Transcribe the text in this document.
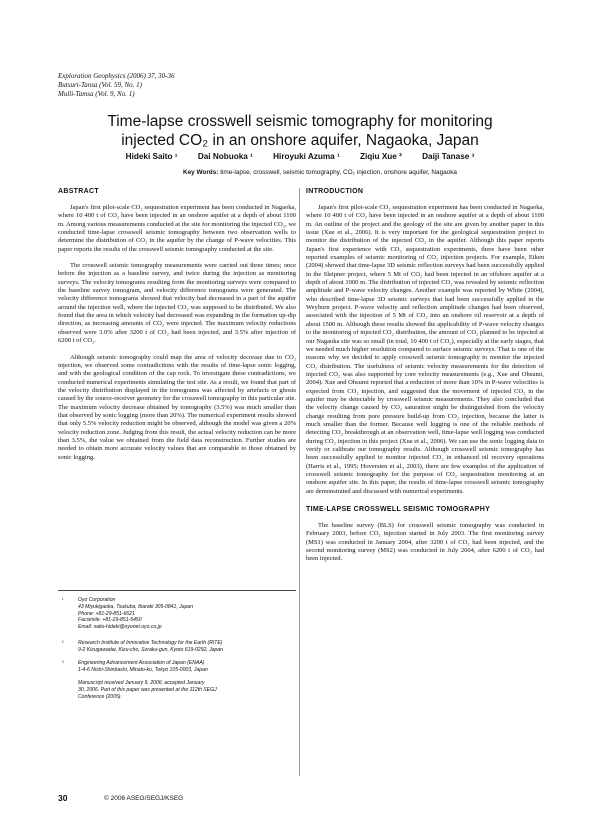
Exploration Geophysics (2006) 37, 30-36
Butsuri-Tansa (Vol. 59, No. 1)
Mulli-Tamsa (Vol. 9, No. 1)
Time-lapse crosswell seismic tomography for monitoring
injected CO₂ in an onshore aquifer, Nagaoka, Japan
Hideki Saito ¹ Dai Nobuoka ¹ Hiroyuki Azuma ¹ Ziqiu Xue ² Daiji Tanase ³
Key Words: time-lapse, crosswell, seismic tomography, CO₂ injection, onshore aquifer, Nagaoka
ABSTRACT

Japan's first pilot-scale CO₂ sequestration experiment has been conducted in Nagaoka, where 10 400 t of CO₂ have been injected in an onshore aquifer at a depth of about 1100 m. Among various measurements conducted at the site for monitoring the injected CO₂, we conducted time-lapse crosswell seismic tomography between two observation wells to determine the distribution of CO₂ in the aquifer by the change of P-wave velocities. This paper reports the results of the crosswell seismic tomography conducted at the site.

The crosswell seismic tomography measurements were carried out three times; once before the injection as a baseline survey, and twice during the injection as monitoring surveys. The velocity tomograms resulting from the monitoring surveys were compared to the baseline survey tomogram, and velocity difference tomograms were generated. The velocity difference tomograms showed that velocity had decreased in a part of the aquifer around the injection well, where the injected CO₂ was supposed to be distributed. We also found that the area in which velocity had decreased was expanding in the formation up-dip direction, as increasing amounts of CO₂ were injected. The maximum velocity reductions observed were 3.0% after 3200 t of CO₂ had been injected, and 3.5% after injection of 6200 t of CO₂.

Although seismic tomography could map the area of velocity decrease due to CO₂ injection, we observed some contradictions with the results of time-lapse sonic logging, and with the geological condition of the cap rock. To investigate these contradictions, we conducted numerical experiments simulating the test site. As a result, we found that part of the velocity distribution displayed in the tomograms was affected by artefacts or ghosts caused by the source-receiver geometry for the crosswell tomography in this particular site. The maximum velocity decrease obtained by tomography (3.5%) was much smaller than that observed by sonic logging (more than 20%). The numerical experiment results showed that only 5.5% velocity reduction might be observed, although the model was given a 20% velocity reduction zone. Judging from this result, the actual velocity reduction can be more than 3.5%, the value we obtained from the field data reconstruction. Further studies are needed to obtain more accurate velocity values that are comparable to those obtained by sonic logging.

¹	Oyo Corporation
43 Miyukigaoka, Tsukuba, Ibaraki 305-0841, Japan
Phone: +81-29-851-6621
Facsimile: +81-29-851-5450
Email: saito-hideki@oyonet.oyo.co.jp
²	Research Institute of Innovative Technology for the Earth (RITE)
9-2 Kizugawadai, Kizu-cho, Soraku-gun, Kyoto 619-0292, Japan
³	Engineering Advancement Association of Japan (ENAA)
1-4-6 Nishi-Shinbashi, Minato-ku, Tokyo 105-0003, Japan
Manuscript received January 9, 2006; accepted January
30, 2006. Part of this paper was presented at the 112th SEGJ
Conference (2005).
INTRODUCTION

Japan's first pilot-scale CO₂ sequestration experiment has been conducted in Nagaoka, where 10 400 t of CO₂ have been injected in an onshore aquifer at a depth of about 1100 m. An outline of the project and the geology of the site are given by another paper in this issue (Xue et al., 2006). It is very important for the geological sequestration project to monitor the distribution of the injected CO₂ in the aquifer. Although this paper reports Japan's first experience with CO₂ sequestration experiments, there have been other reported examples of seismic monitoring of CO₂ injection projects. For example, Eiken (2004) showed that time-lapse 3D seismic reflection surveys had been successfully applied in the Sleipner project, where 5 Mt of CO₂ had been injected in an offshore aquifer at a depth of about 1000 m. The distribution of injected CO₂ was revealed by seismic reflection amplitude and P-wave velocity changes. Another example was reported by White (2004), who described time-lapse 3D seismic surveys that had been successfully applied in the Weyburn project. P-wave velocity and reflection amplitude changes had been observed, associated with the injection of 5 Mt of CO₂ into an onshore oil reservoir at a depth of about 1500 m. Although these results showed the applicability of P-wave velocity changes to the monitoring of injected CO₂ distribution, the amount of CO₂ planned to be injected at our Nagaoka site was so small (in total, 10 400 t of CO₂), especially at the early stages, that we needed much higher resolution compared to surface seismic surveys. That is one of the reasons why we decided to apply crosswell seismic tomography to monitor the injected CO₂ distribution. The usefulness of seismic velocity measurements for the detection of injected CO₂ was also supported by core velocity measurements (e.g., Xue and Ohsumi, 2004). Xue and Ohsumi reported that a reduction of more than 10% in P-wave velocities is expected from CO₂ injection, and suggested that the movement of injected CO₂ in the aquifer may be detectable by crosswell seismic measurements. They also concluded that the velocity change caused by CO₂ saturation might be distinguished from the velocity change resulting from pore pressure build-up from CO₂ injection, because the latter is much smaller than the former. Because well logging is one of the reliable methods of detecting CO₂ breakthrough at an observation well, time-lapse well logging was conducted during CO₂ injection in this project (Xue et al., 2006). We can use the sonic logging data to verify or calibrate our tomography results. Although crosswell seismic tomography has been successfully applied to monitor injected CO₂ in enhanced oil recovery operations (Harris et al., 1995; Hoversten et al., 2003), there are few examples of the application of crosswell seismic tomography for the purpose of CO₂ sequestration monitoring at an onshore aquifer site. In this paper, the results of time-lapse crosswell seismic tomography are demonstrated and discussed with numerical experiments.

TIME-LAPSE CROSSWELL SEISMIC TOMOGRAPHY

The baseline survey (BLS) for crosswell seismic tomography was conducted in February 2003, before CO₂ injection started in July 2003. The first monitoring survey (MS1) was conducted in January 2004, after 3200 t of CO₂ had been injected, and the second monitoring survey (MS2) was conducted in July 2004, after 6200 t of CO₂ had been injected.

30	© 2006 ASEG/SEGJ/KSEG
